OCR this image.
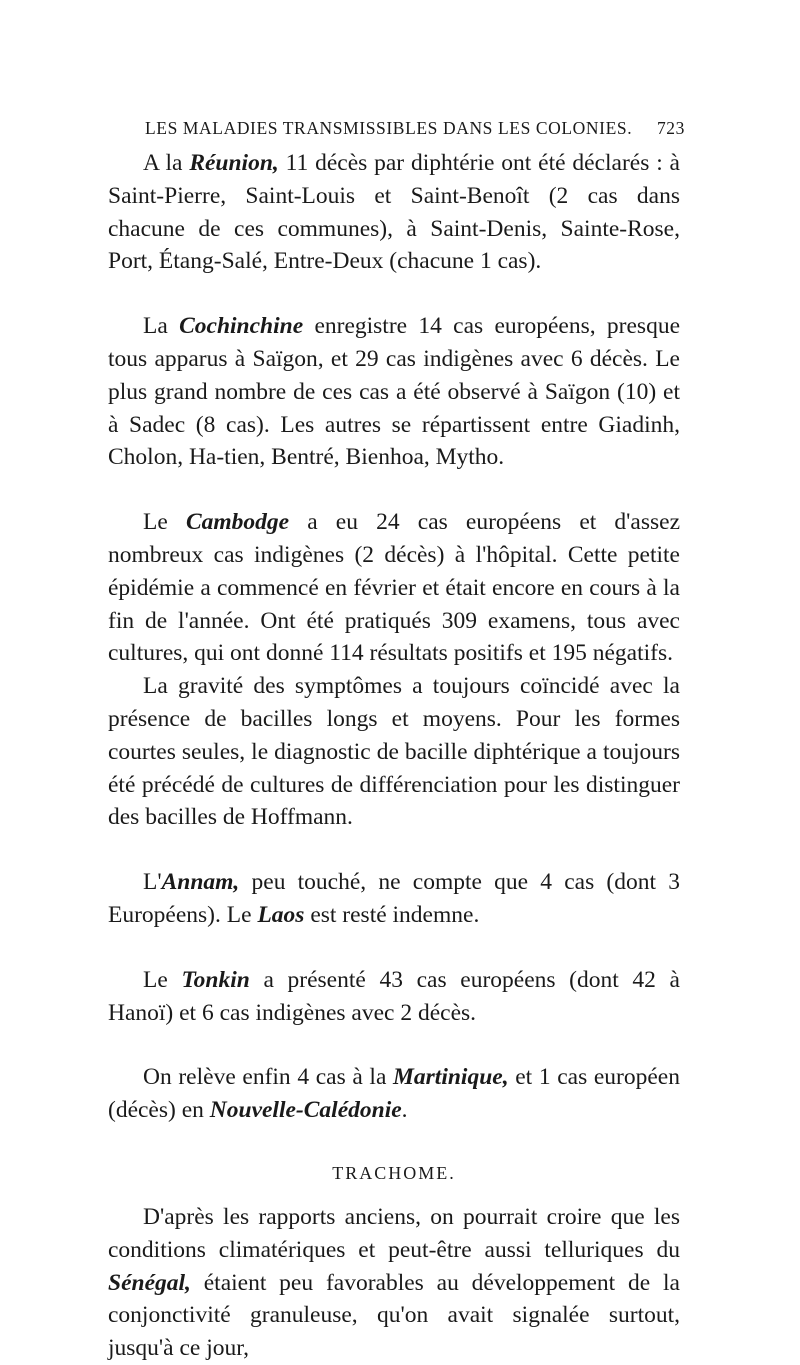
LES MALADIES TRANSMISSIBLES DANS LES COLONIES. 723

A la Réunion, 11 décès par diphtérie ont été déclarés : à Saint-Pierre, Saint-Louis et Saint-Benoît (2 cas dans chacune de ces communes), à Saint-Denis, Sainte-Rose, Port, Étang-Salé, Entre-Deux (chacune 1 cas).

La Cochinchine enregistre 14 cas européens, presque tous apparus à Saïgon, et 29 cas indigènes avec 6 décès. Le plus grand nombre de ces cas a été observé à Saïgon (10) et à Sadec (8 cas). Les autres se répartissent entre Giadinh, Cholon, Ha-tien, Bentré, Bienhoa, Mytho.

Le Cambodge a eu 24 cas européens et d'assez nombreux cas indigènes (2 décès) à l'hôpital. Cette petite épidémie a commencé en février et était encore en cours à la fin de l'année. Ont été pratiqués 309 examens, tous avec cultures, qui ont donné 114 résultats positifs et 195 négatifs.

La gravité des symptômes a toujours coïncidé avec la présence de bacilles longs et moyens. Pour les formes courtes seules, le diagnostic de bacille diphtérique a toujours été précédé de cultures de différenciation pour les distinguer des bacilles de Hoffmann.

L'Annam, peu touché, ne compte que 4 cas (dont 3 Européens). Le Laos est resté indemne.

Le Tonkin a présenté 43 cas européens (dont 42 à Hanoï) et 6 cas indigènes avec 2 décès.

On relève enfin 4 cas à la Martinique, et 1 cas européen (décès) en Nouvelle-Calédonie.

TRACHOME.

D'après les rapports anciens, on pourrait croire que les conditions climatériques et peut-être aussi telluriques du Sénégal, étaient peu favorables au développement de la conjonctivité granuleuse, qu'on avait signalée surtout, jusqu'à ce jour,
